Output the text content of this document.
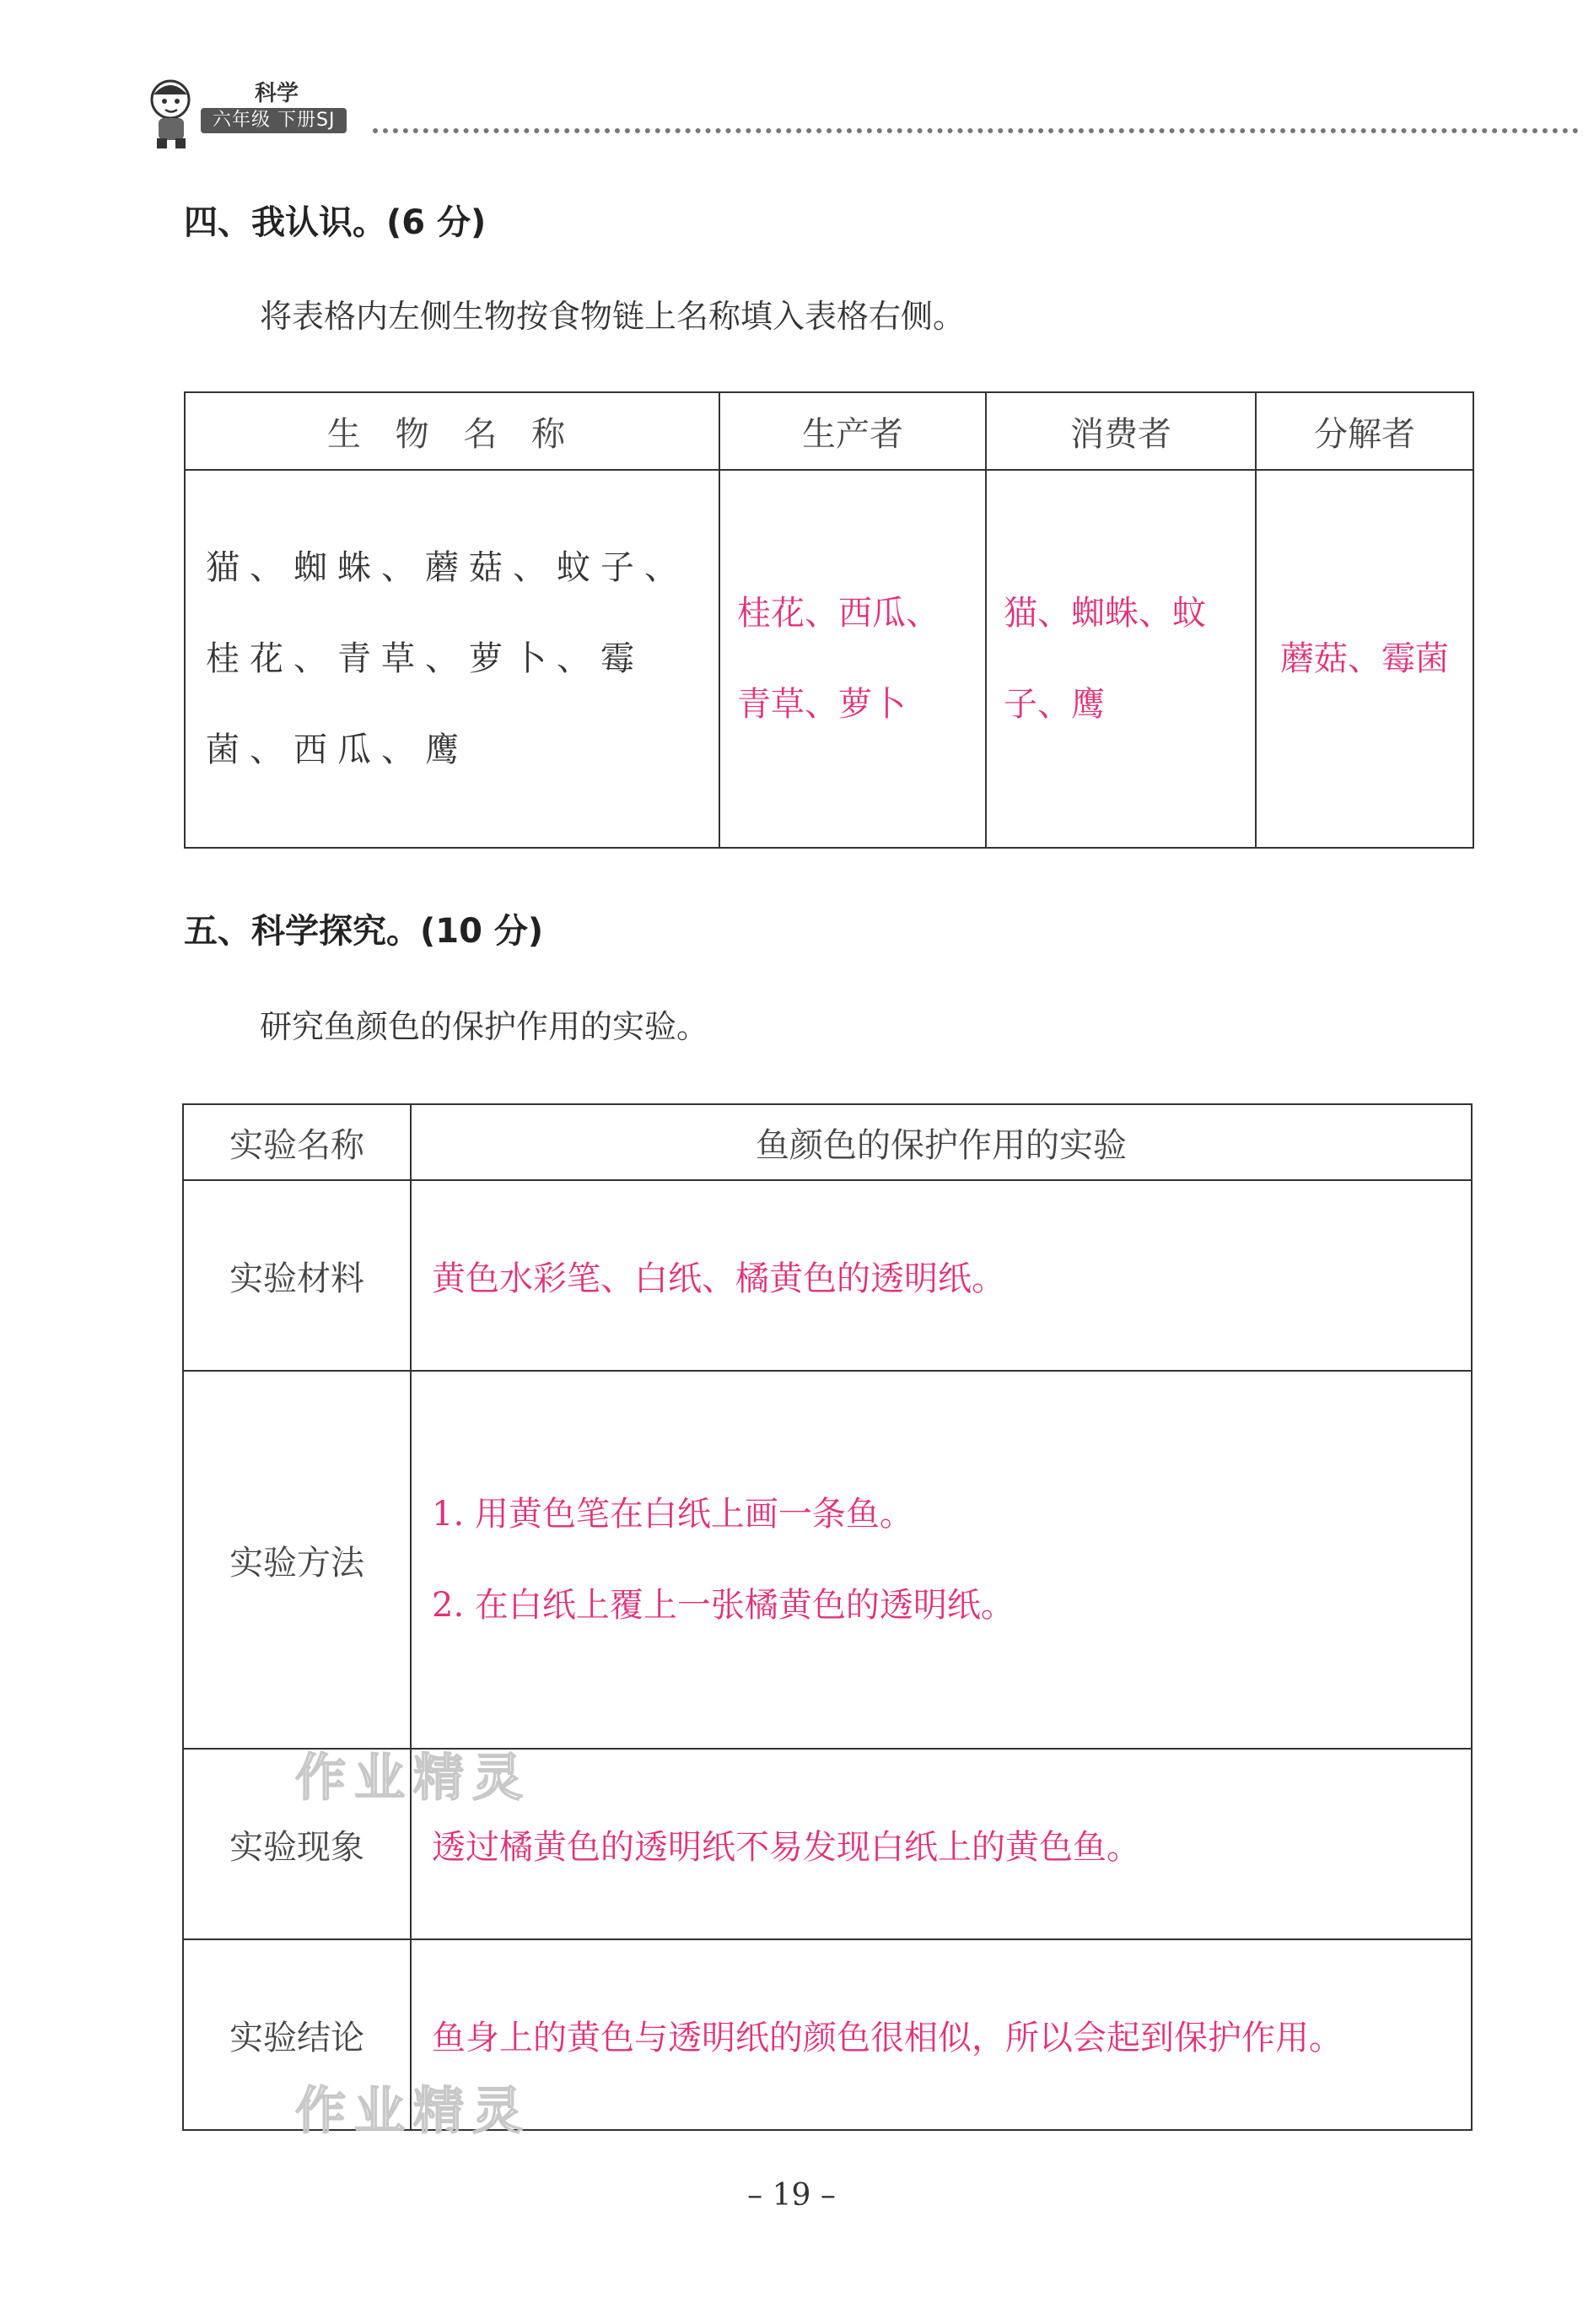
科学
六年级 下册SJ
四、我认识。(6 分)
将表格内左侧生物按食物链上名称填入表格右侧。
生 物 名 称	生产者	消费者	分解者
猫、蜘蛛、蘑菇、蚊子、桂花、青草、萝卜、霉菌、西瓜、鹰	桂花、西瓜、青草、萝卜	猫、蜘蛛、蚊子、鹰	蘑菇、霉菌
五、科学探究。(10 分)
研究鱼颜色的保护作用的实验。
实验名称	鱼颜色的保护作用的实验
实验材料	黄色水彩笔、白纸、橘黄色的透明纸。
实验方法	1. 用黄色笔在白纸上画一条鱼。

2. 在白纸上覆上一张橘黄色的透明纸。

实验现象	透过橘黄色的透明纸不易发现白纸上的黄色鱼。
实验结论	鱼身上的黄色与透明纸的颜色很相似，所以会起到保护作用。
作业精灵
作业精灵
– 19 –
